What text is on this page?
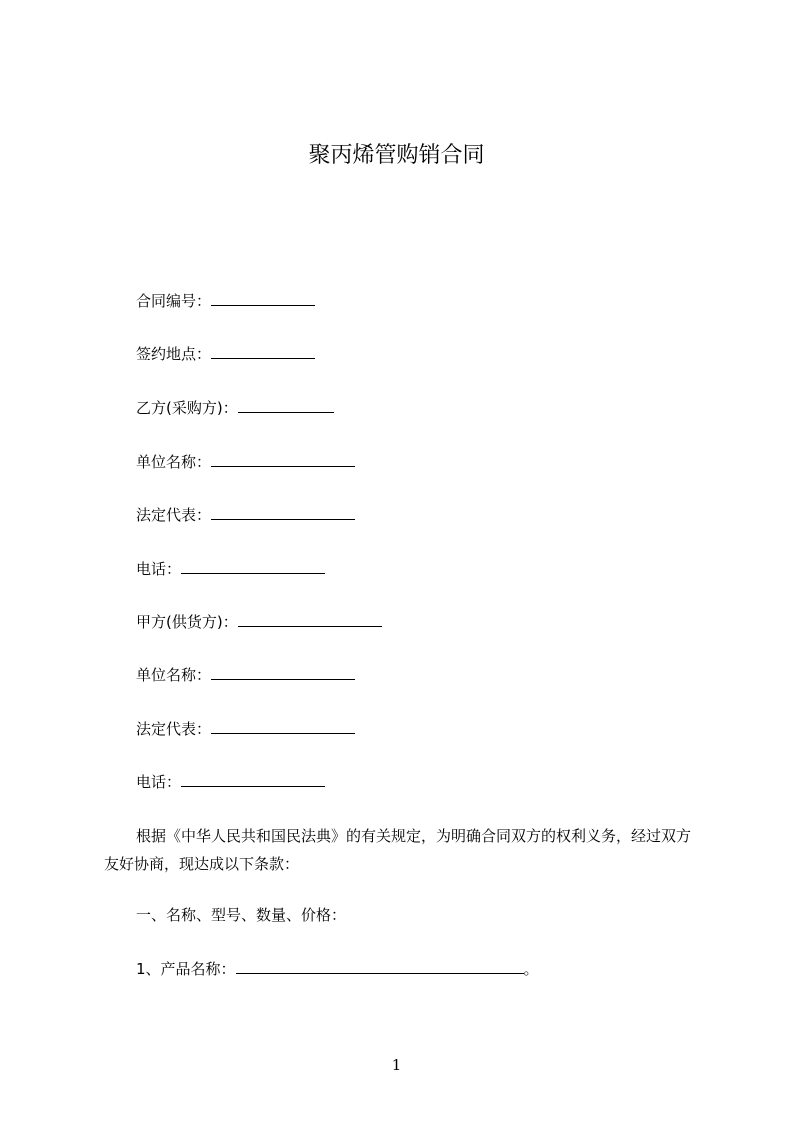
聚丙烯管购销合同
合同编号：
签约地点：
乙方(采购方)：
单位名称：
法定代表：
电话：
甲方(供货方)：
单位名称：
法定代表：
电话：
根据《中华人民共和国民法典》的有关规定，为明确合同双方的权利义务，经过双方友好协商，现达成以下条款：
一、名称、型号、数量、价格：
1、产品名称：	。
1
